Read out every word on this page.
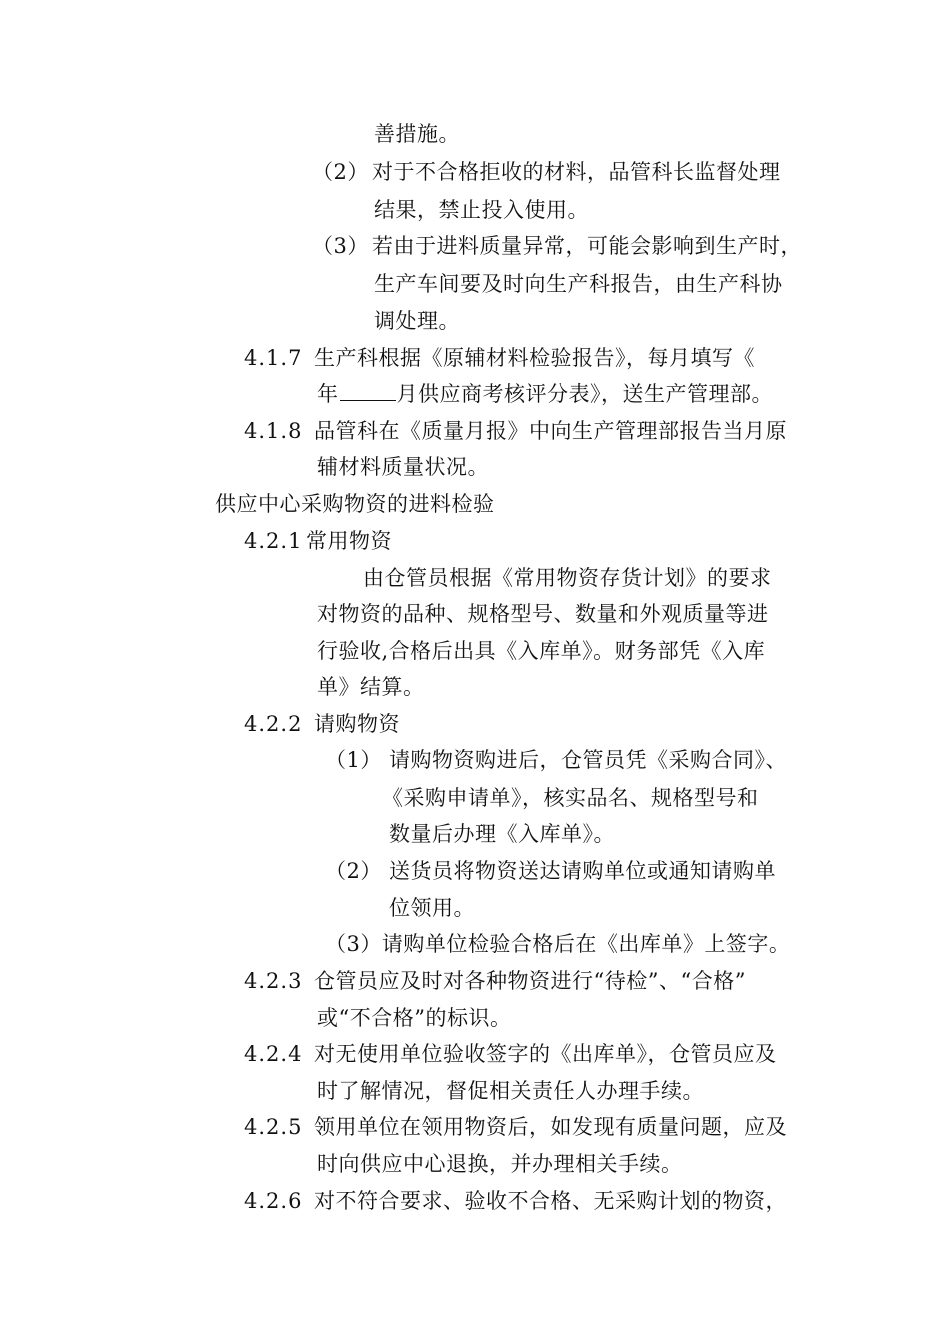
善措施。
（2） 对于不合格拒收的材料，品管科长监督处理
结果，禁止投入使用。
（3） 若由于进料质量异常，可能会影响到生产时，
生产车间要及时向生产科报告，由生产科协
调处理。
4.1.7 生产科根据《原辅材料检验报告》，每月填写《
年	月供应商考核评分表》，送生产管理部。
4.1.8 品管科在《质量月报》中向生产管理部报告当月原
辅材料质量状况。
供应中心采购物资的进料检验
4.2.1 常用物资
由仓管员根据《常用物资存货计划》的要求
对物资的品种、规格型号、数量和外观质量等进
行验收,合格后出具《入库单》。财务部凭《入库
单》结算。
4.2.2 请购物资
（1） 请购物资购进后，仓管员凭《采购合同》、
《采购申请单》，核实品名、规格型号和
数量后办理《入库单》。
（2） 送货员将物资送达请购单位或通知请购单
位领用。
（3）请购单位检验合格后在《出库单》上签字。
4.2.3 仓管员应及时对各种物资进行“待检”、“合格”
或“不合格”的标识。
4.2.4 对无使用单位验收签字的《出库单》，仓管员应及
时了解情况，督促相关责任人办理手续。
4.2.5 领用单位在领用物资后，如发现有质量问题，应及
时向供应中心退换，并办理相关手续。
4.2.6 对不符合要求、验收不合格、无采购计划的物资，
